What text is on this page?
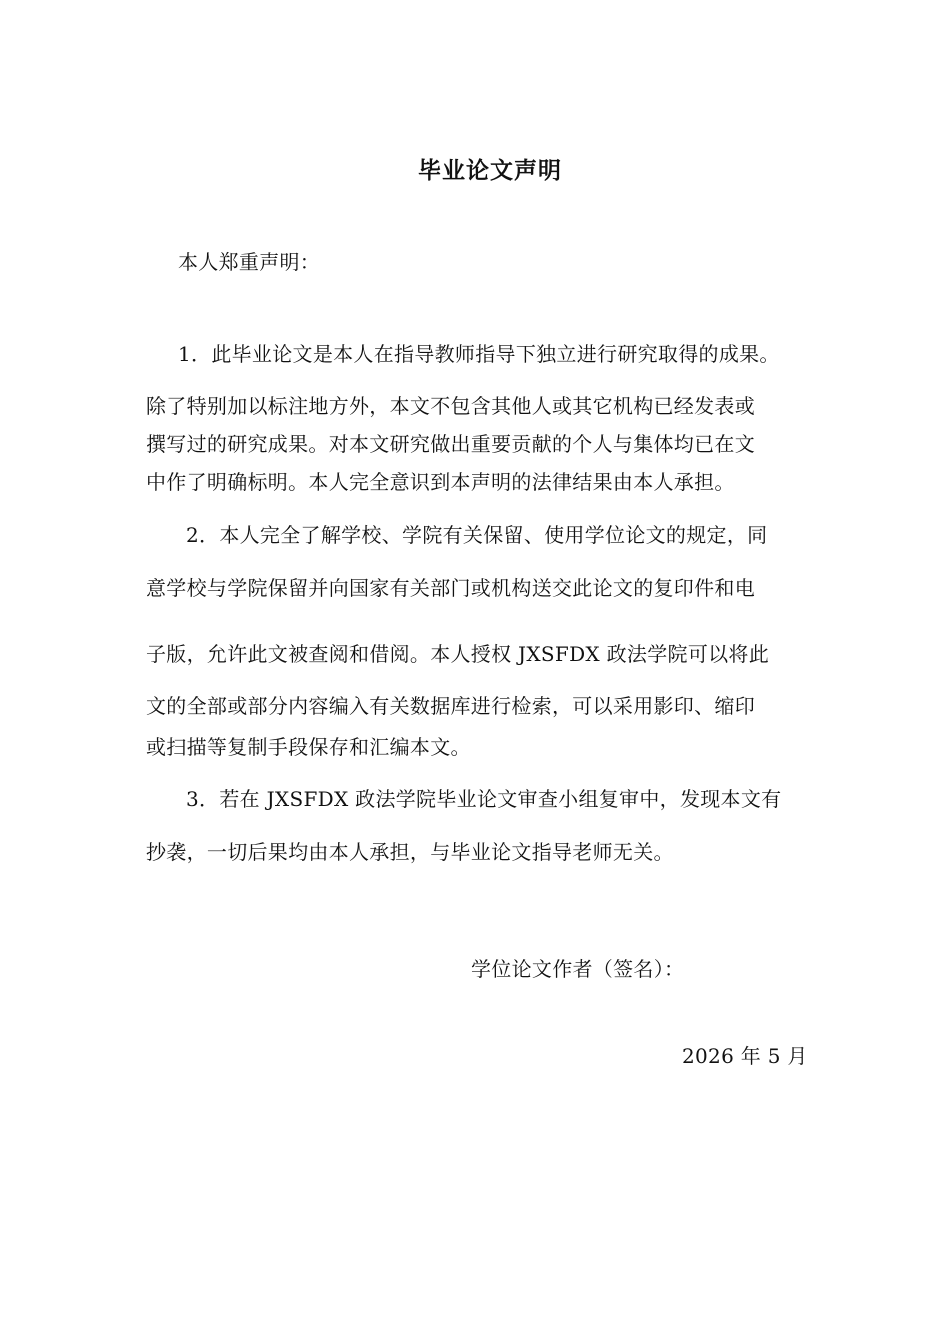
毕业论文声明
本人郑重声明：
1．此毕业论文是本人在指导教师指导下独立进行研究取得的成果。
除了特别加以标注地方外，本文不包含其他人或其它机构已经发表或
撰写过的研究成果。对本文研究做出重要贡献的个人与集体均已在文
中作了明确标明。本人完全意识到本声明的法律结果由本人承担。
2．本人完全了解学校、学院有关保留、使用学位论文的规定，同
意学校与学院保留并向国家有关部门或机构送交此论文的复印件和电
子版，允许此文被查阅和借阅。本人授权 JXSFDX 政法学院可以将此
文的全部或部分内容编入有关数据库进行检索，可以采用影印、缩印
或扫描等复制手段保存和汇编本文。
3．若在 JXSFDX 政法学院毕业论文审查小组复审中，发现本文有
抄袭，一切后果均由本人承担，与毕业论文指导老师无关。
学位论文作者（签名）：
2026 年 5 月
